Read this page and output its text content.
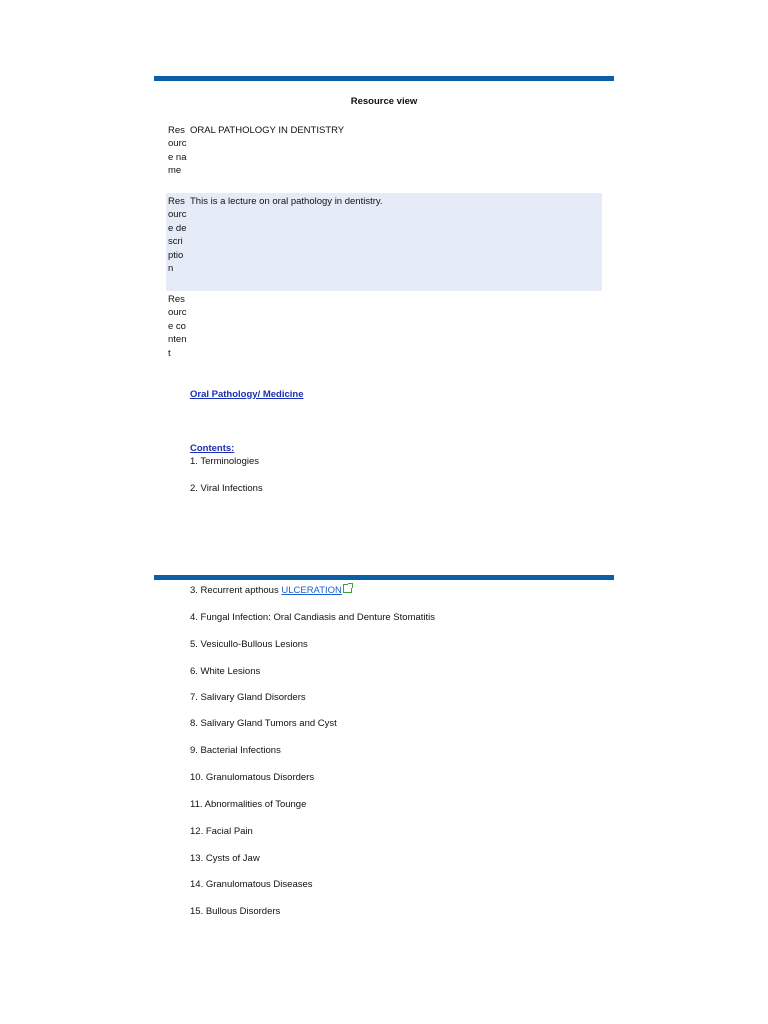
Resource view
Resource name
ORAL PATHOLOGY IN DENTISTRY
Resource description
This is a lecture on oral pathology in dentistry.
Resource content
Oral Pathology/ Medicine
Contents:
1. Terminologies
2. Viral Infections
3. Recurrent apthous ULCERATION
4. Fungal Infection: Oral Candiasis and Denture Stomatitis
5. Vesicullo-Bullous Lesions
6. White Lesions
7. Salivary Gland Disorders
8. Salivary Gland Tumors and Cyst
9. Bacterial Infections
10. Granulomatous Disorders
11. Abnormalities of Tounge
12. Facial Pain
13. Cysts of Jaw
14. Granulomatous Diseases
15. Bullous Disorders
